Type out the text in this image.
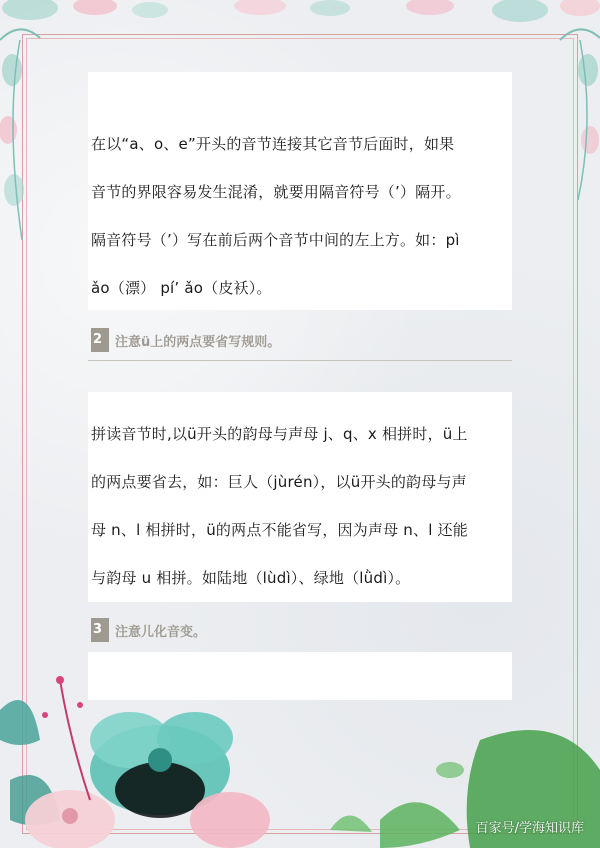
在以“a、o、e”开头的音节连接其它音节后面时，如果
音节的界限容易发生混淆，就要用隔音符号（’）隔开。
隔音符号（’）写在前后两个音节中间的左上方。如：pì
ǎo（漂） pí’ ǎo（皮袄）。
2 注意ü上的两点要省写规则。
拼读音节时,以ü开头的韵母与声母 j、q、x 相拼时，ü上
的两点要省去，如：巨人（jùrén），以ü开头的韵母与声
母 n、l 相拼时，ü的两点不能省写，因为声母 n、l 还能
与韵母 u 相拼。如陆地（lùdì）、绿地（lǜdì）。
3 注意儿化音变。
百家号/学海知识库
